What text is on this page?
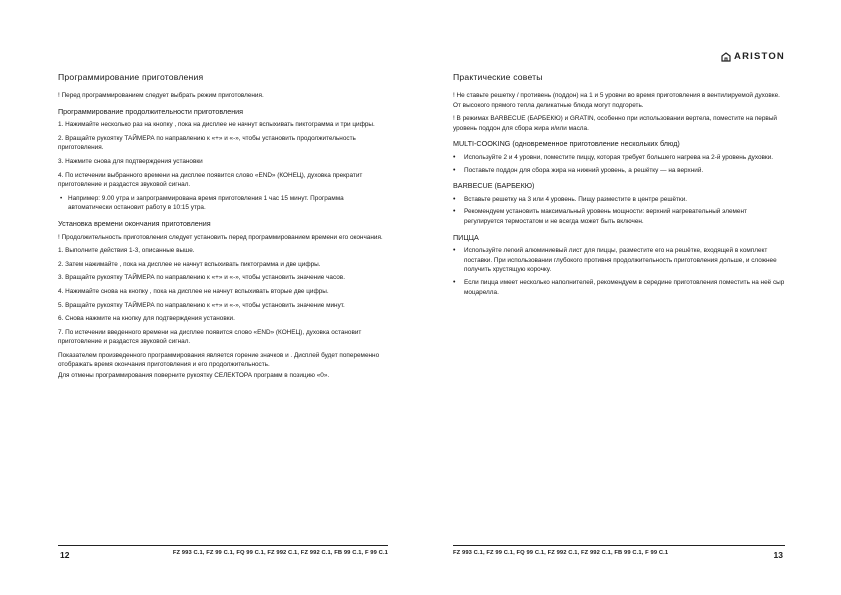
Программирование приготовления

! Перед программированием следует выбрать режим приготовления.

Программирование продолжительности приготовления

1. Нажимайте несколько раз на кнопку , пока на дисплее не начнут вспыхивать пиктограмма и три цифры.

2. Вращайте рукоятку ТАЙМЕРА по направлению к «+» и «-», чтобы установить продолжительность приготовления.

3. Нажмите снова для подтверждения установки

4. По истечении выбранного времени на дисплее появится слово «END» (КОНЕЦ), духовка прекратит приготовление и раздастся звуковой сигнал.

• Например: 9.00 утра и запрограммирована время приготовления 1 час 15 минут. Программа автоматически остановит работу в 10:15 утра.

Установка времени окончания приготовления

! Продолжительность приготовления следует установить перед программированием времени его окончания.

1. Выполните действия 1-3, описанные выше.

2. Затем нажимайте , пока на дисплее не начнут вспыхивать пиктограмма и две цифры.

3. Вращайте рукоятку ТАЙМЕРА по направлению к «+» и «-», чтобы установить значение часов.

4. Нажимайте снова на кнопку , пока на дисплее не начнут вспыхивать вторые две цифры.

5. Вращайте рукоятку ТАЙМЕРА по направлению к «+» и «-», чтобы установить значение минут.

6. Снова нажмите на кнопку для подтверждения установки.

7. По истечении введенного времени на дисплее появится слово «END» (КОНЕЦ), духовка остановит приготовление и раздастся звуковой сигнал.

Показателем произведенного программирования является горение значков и . Дисплей будет попеременно отображать время окончания приготовления и его продолжительность.

Для отмены программирования поверните рукоятку СЕЛЕКТОРА программ в позицию «0».

12	FZ 993 C.1, FZ 99 C.1, FQ 99 C.1, FZ 992 C.1, FZ 992 C.1, FB 99 C.1, F 99 C.1
ARISTON
Практические советы

! Не ставьте решетку / противень (поддон) на 1 и 5 уровни во время приготовления в вентилируемой духовке. От высокого прямого тепла деликатные блюда могут подгореть.

! В режимах BARBECUE (БАРБЕКЮ) и GRATIN, особенно при использовании вертела, поместите на первый уровень поддон для сбора жира и/или масла.

MULTI-COOKING (одновременное приготовление нескольких блюд)

• Используйте 2 и 4 уровни, поместите пиццу, которая требует большего нагрева на 2-й уровень духовки.
• Поставьте поддон для сбора жира на нижний уровень, а решётку — на верхний.

BARBECUE (БАРБЕКЮ)

• Вставьте решетку на 3 или 4 уровень. Пищу разместите в центре решётки.
• Рекомендуем установить максимальный уровень мощности: верхний нагревательный элемент регулируется термостатом и не всегда может быть включен.

ПИЦЦА

• Используйте легкий алюминиевый лист для пиццы, разместите его на решётке, входящей в комплект поставки. При использовании глубокого противня продолжительность приготовления дольше, и сложнее получить хрустящую корочку.
• Если пицца имеет несколько наполнителей, рекомендуем в середине приготовления поместить на неё сыр моцарелла.
FZ 993 C.1, FZ 99 C.1, FQ 99 C.1, FZ 992 C.1, FZ 992 C.1, FB 99 C.1, F 99 C.1	13
